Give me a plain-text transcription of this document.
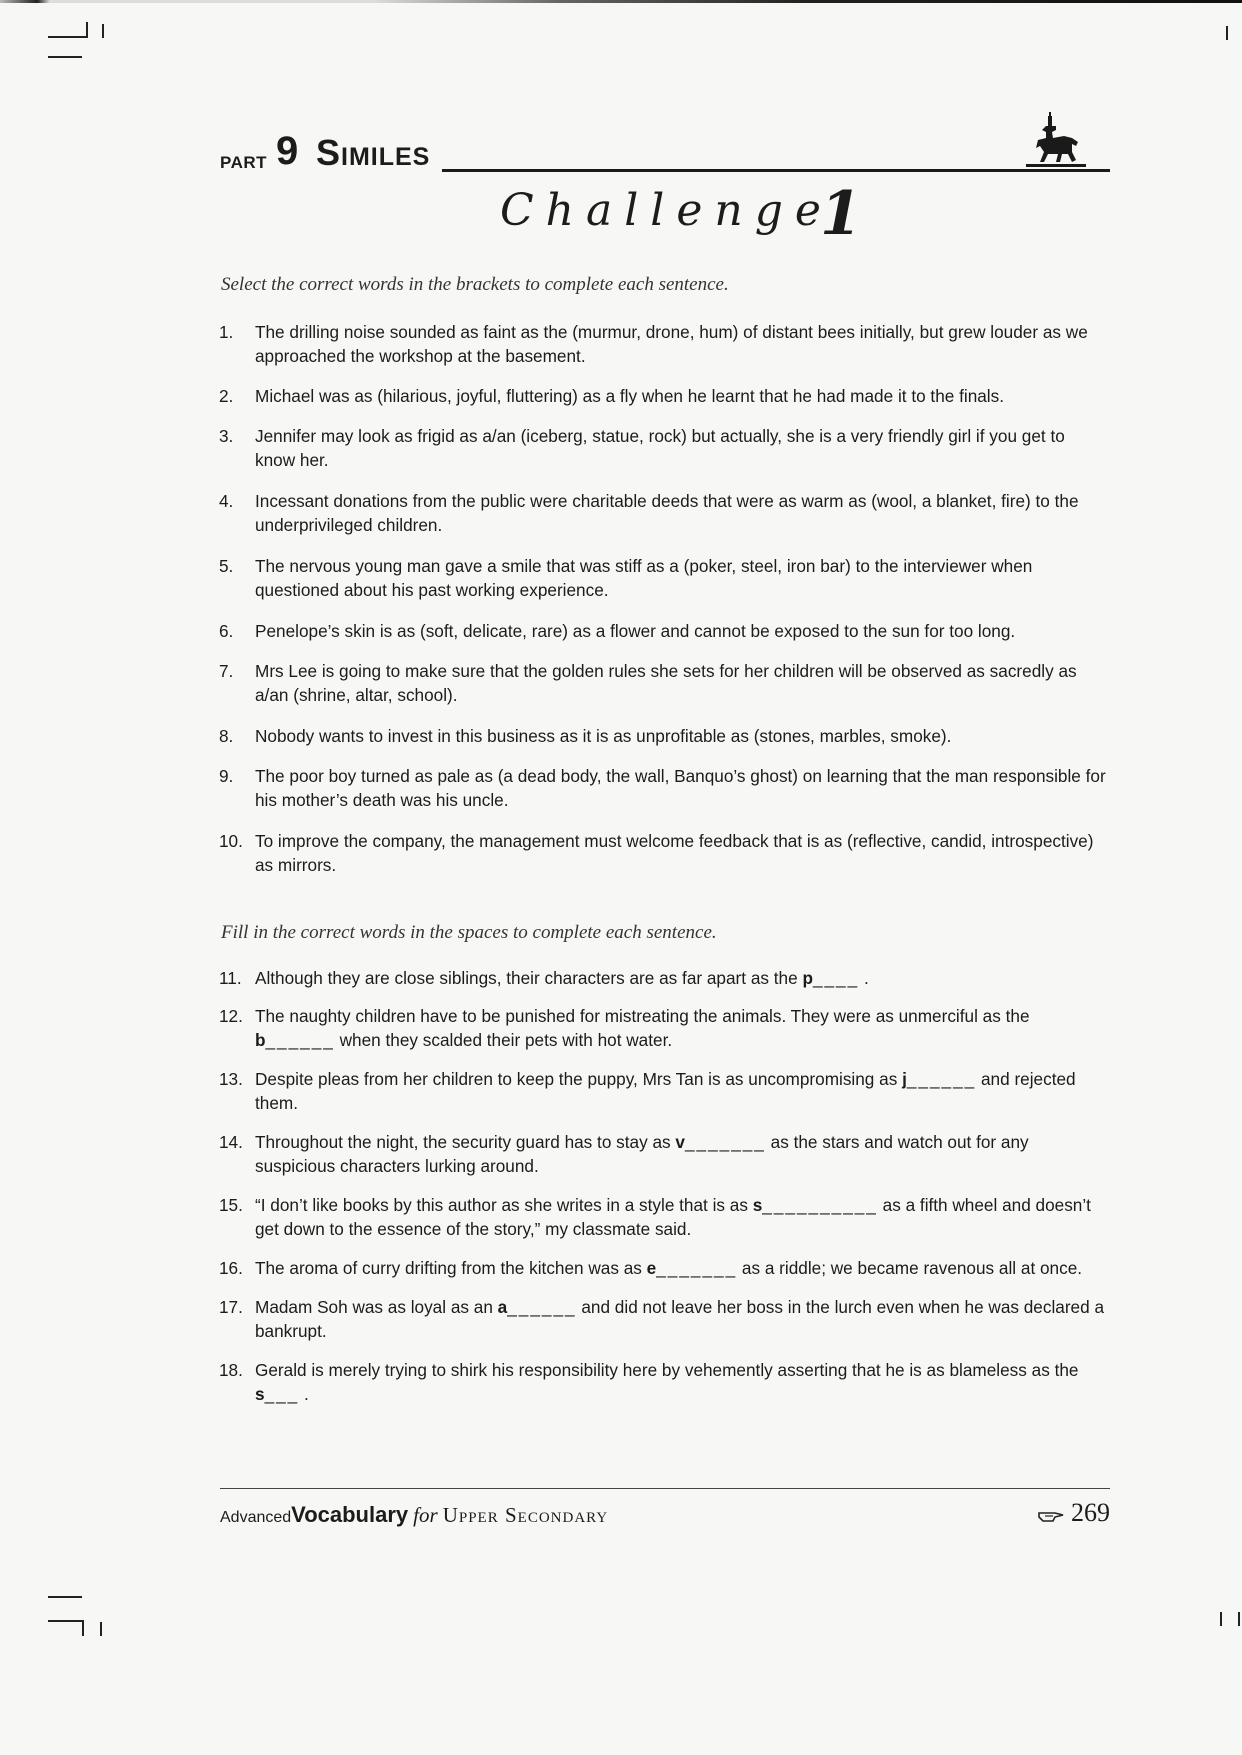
PART 9 Similes
Challenge
1
Select the correct words in the brackets to complete each sentence.
1. The drilling noise sounded as faint as the (murmur, drone, hum) of distant bees initially, but grew louder as we approached the workshop at the basement.
2. Michael was as (hilarious, joyful, fluttering) as a fly when he learnt that he had made it to the finals.
3. Jennifer may look as frigid as a/an (iceberg, statue, rock) but actually, she is a very friendly girl if you get to know her.
4. Incessant donations from the public were charitable deeds that were as warm as (wool, a blanket, fire) to the underprivileged children.
5. The nervous young man gave a smile that was stiff as a (poker, steel, iron bar) to the interviewer when questioned about his past working experience.
6. Penelope’s skin is as (soft, delicate, rare) as a flower and cannot be exposed to the sun for too long.
7. Mrs Lee is going to make sure that the golden rules she sets for her children will be observed as sacredly as a/an (shrine, altar, school).
8. Nobody wants to invest in this business as it is as unprofitable as (stones, marbles, smoke).
9. The poor boy turned as pale as (a dead body, the wall, Banquo’s ghost) on learning that the man responsible for his mother’s death was his uncle.
10. To improve the company, the management must welcome feedback that is as (reflective, candid, introspective) as mirrors.
Fill in the correct words in the spaces to complete each sentence.
11. Although they are close siblings, their characters are as far apart as the p____ .
12. The naughty children have to be punished for mistreating the animals. They were as unmerciful as the b______ when they scalded their pets with hot water.
13. Despite pleas from her children to keep the puppy, Mrs Tan is as uncompromising as j______ and rejected them.
14. Throughout the night, the security guard has to stay as v_______ as the stars and watch out for any suspicious characters lurking around.
15. “I don’t like books by this author as she writes in a style that is as s__________ as a fifth wheel and doesn’t get down to the essence of the story,” my classmate said.
16. The aroma of curry drifting from the kitchen was as e_______ as a riddle; we became ravenous all at once.
17. Madam Soh was as loyal as an a______ and did not leave her boss in the lurch even when he was declared a bankrupt.
18. Gerald is merely trying to shirk his responsibility here by vehemently asserting that he is as blameless as the s___ .
AdvancedVocabulary for Upper Secondary	269
